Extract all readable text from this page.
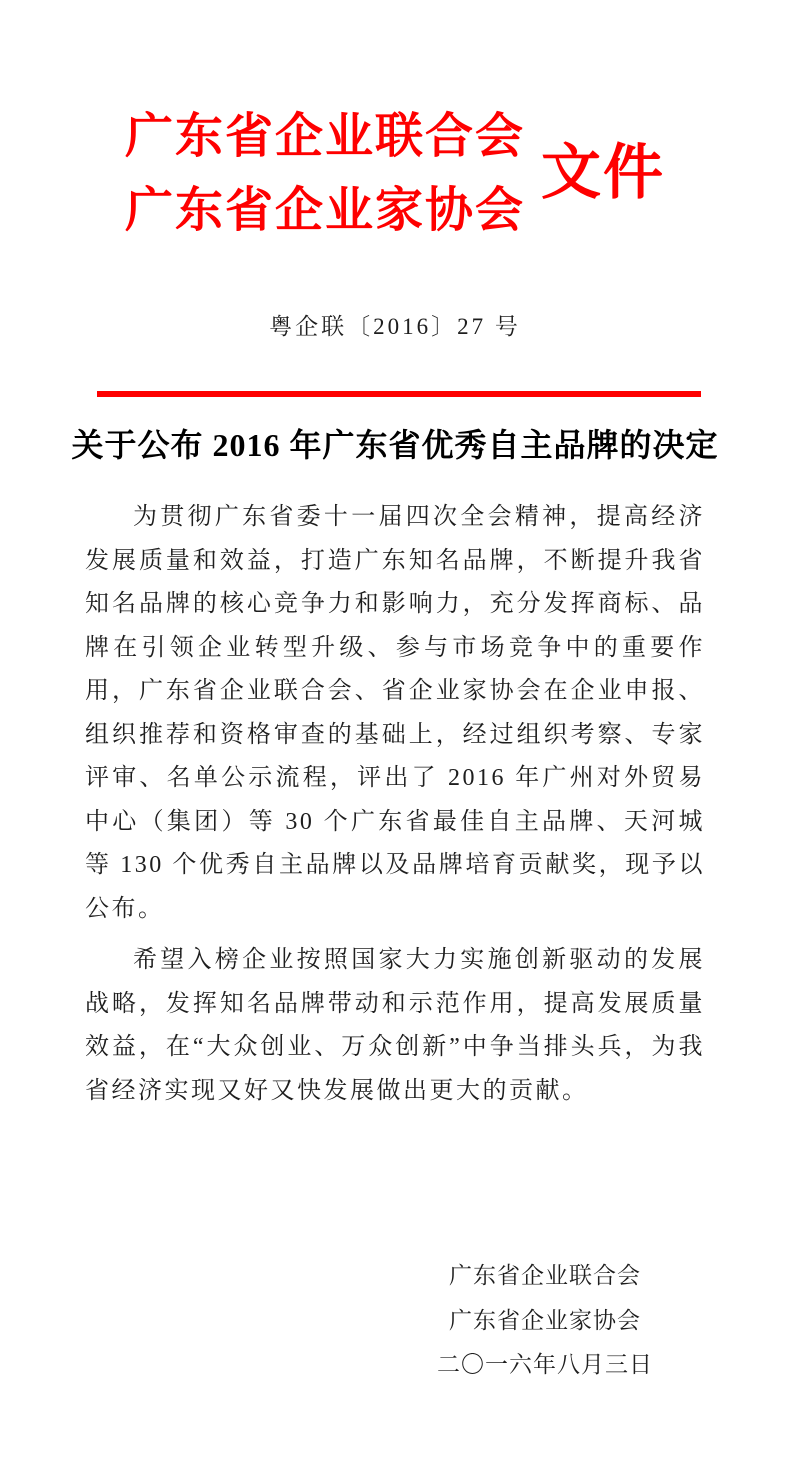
广东省企业联合会
广东省企业家协会
文件
粤企联〔2016〕27 号
关于公布 2016 年广东省优秀自主品牌的决定

为贯彻广东省委十一届四次全会精神，提高经济发展质量和效益，打造广东知名品牌，不断提升我省知名品牌的核心竞争力和影响力，充分发挥商标、品牌在引领企业转型升级、参与市场竞争中的重要作用，广东省企业联合会、省企业家协会在企业申报、组织推荐和资格审查的基础上，经过组织考察、专家评审、名单公示流程，评出了 2016 年广州对外贸易中心（集团）等 30 个广东省最佳自主品牌、天河城等 130 个优秀自主品牌以及品牌培育贡献奖，现予以公布。

希望入榜企业按照国家大力实施创新驱动的发展战略，发挥知名品牌带动和示范作用，提高发展质量效益，在“大众创业、万众创新”中争当排头兵，为我省经济实现又好又快发展做出更大的贡献。

广东省企业联合会
广东省企业家协会
二〇一六年八月三日
